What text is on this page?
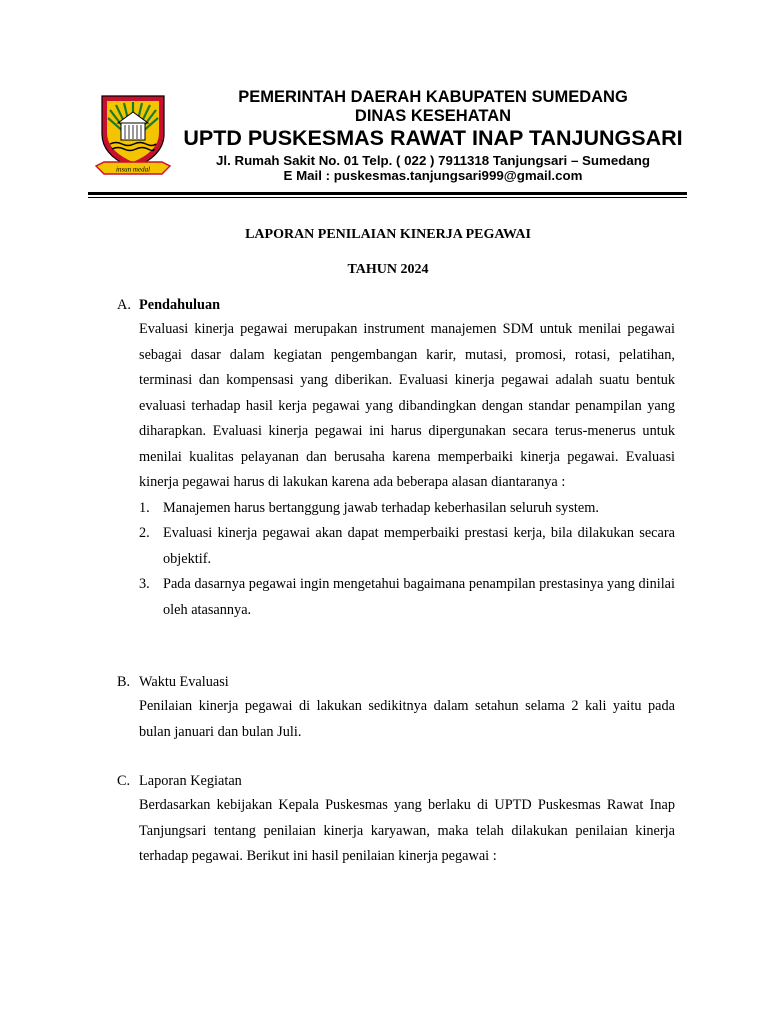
insun medal
PEMERINTAH DAERAH KABUPATEN SUMEDANG
DINAS KESEHATAN
UPTD PUSKESMAS RAWAT INAP TANJUNGSARI
Jl. Rumah Sakit No. 01 Telp. ( 022 ) 7911318 Tanjungsari – Sumedang
E Mail : puskesmas.tanjungsari999@gmail.com
LAPORAN PENILAIAN KINERJA PEGAWAI
TAHUN 2024
A. Pendahuluan
Evaluasi kinerja pegawai merupakan instrument manajemen SDM untuk menilai pegawai sebagai dasar dalam kegiatan pengembangan karir, mutasi, promosi, rotasi, pelatihan, terminasi dan kompensasi yang diberikan. Evaluasi kinerja pegawai adalah suatu bentuk evaluasi terhadap hasil kerja pegawai yang dibandingkan dengan standar penampilan yang diharapkan. Evaluasi kinerja pegawai ini harus dipergunakan secara terus-menerus untuk menilai kualitas pelayanan dan berusaha karena memperbaiki kinerja pegawai. Evaluasi kinerja pegawai harus di lakukan karena ada beberapa alasan diantaranya :
1. Manajemen harus bertanggung jawab terhadap keberhasilan seluruh system.
2. Evaluasi kinerja pegawai akan dapat memperbaiki prestasi kerja, bila dilakukan secara objektif.
3. Pada dasarnya pegawai ingin mengetahui bagaimana penampilan prestasinya yang dinilai oleh atasannya.
B. Waktu Evaluasi
Penilaian kinerja pegawai di lakukan sedikitnya dalam setahun selama 2 kali yaitu pada bulan januari dan bulan Juli.
C. Laporan Kegiatan
Berdasarkan kebijakan Kepala Puskesmas yang berlaku di UPTD Puskesmas Rawat Inap Tanjungsari tentang penilaian kinerja karyawan, maka telah dilakukan penilaian kinerja terhadap pegawai. Berikut ini hasil penilaian kinerja pegawai :
